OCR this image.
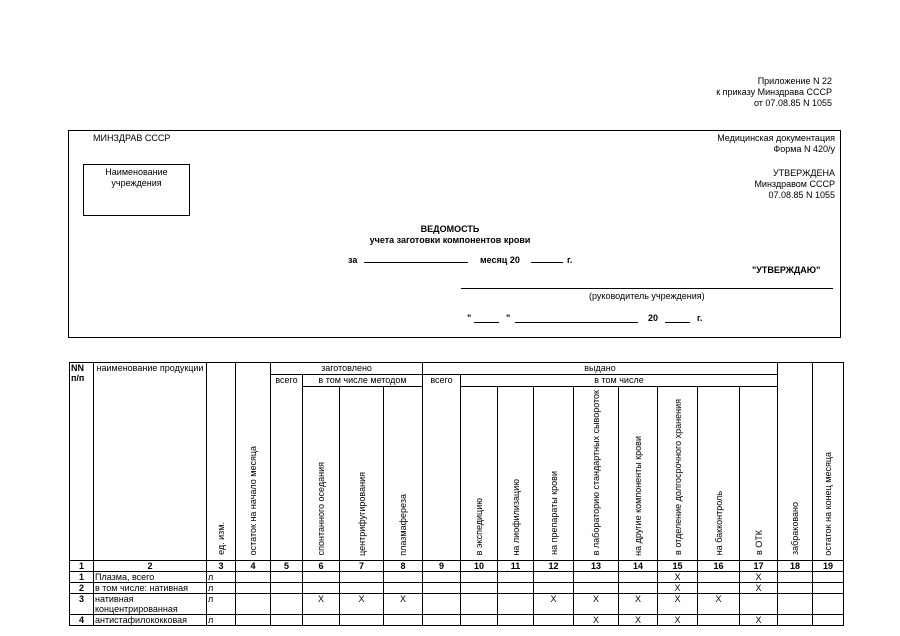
Приложение N 22
к приказу Минздрава СССР
от 07.08.85 N 1055
МИНЗДРАВ СССР	Медицинская документация
Форма N 420/у
Наименование учреждения
УТВЕРЖДЕНА
Минздравом СССР
07.08.85 N 1055
ВЕДОМОСТЬ
учета заготовки компонентов крови
за	месяц 20	г.
"УТВЕРЖДАЮ"
(руководитель учреждения)
"	"	20	г.
NN п/п	наименование продукции	ед. изм.	остаток на начало месяца	заготовлено				выдано									забраковано	остаток на конец месяца
				всего	в том числе методом			всего	в том числе									
					спонтанного оседания	центрифугирования	плазмафереза		в экспедицию	на лиофилизацию	на препараты крови	в лабораторию стандартных сывороток	на другие компоненты крови	в отделение долгосрочного хранения	на бакконтроль	в ОТК		
1	2	3	4	5	6	7	8	9	10	11	12	13	14	15	16	17	18	19
1	Плазма, всего	л												X		X		
2	в том числе: нативная	л												X		X		
3	нативная концентрированная	л			X	X	X				X	X	X	X	X			
4	антистафилококковая	л										X	X	X		X		
